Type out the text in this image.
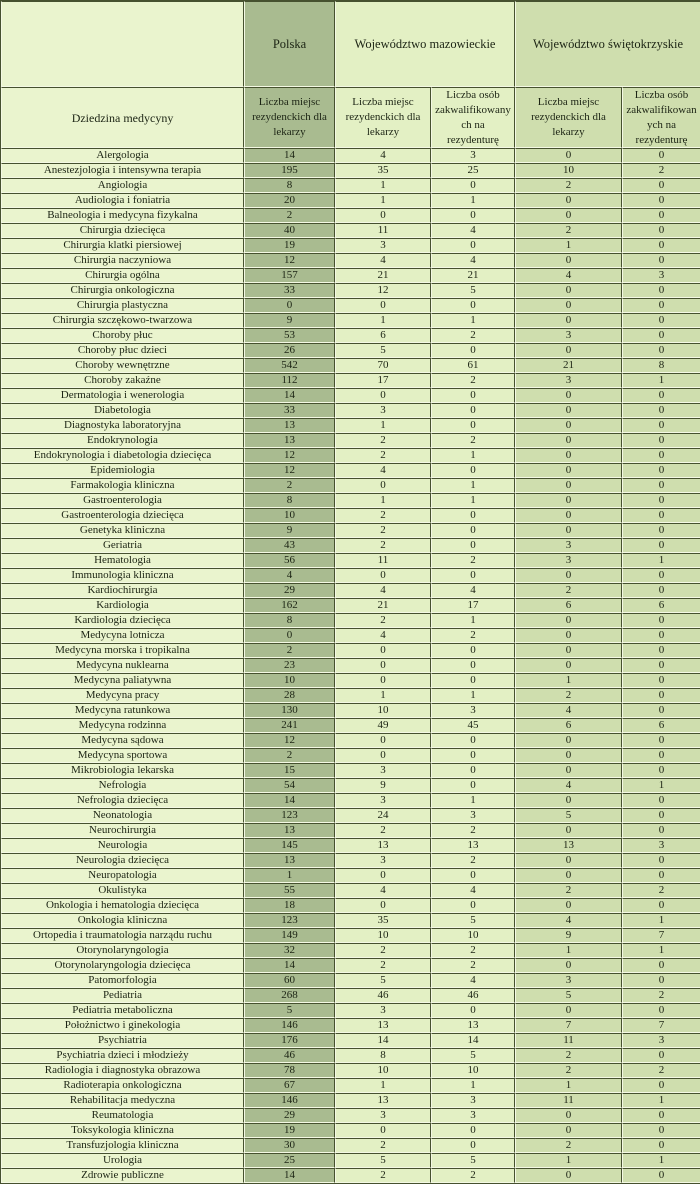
	Polska	Województwo mazowieckie		Województwo świętokrzyskie	
Dziedzina medycyny	Liczba miejsc rezydenckich dla lekarzy	Liczba miejsc rezydenckich dla lekarzy	Liczba osób zakwalifikowanych na rezydenturę	Liczba miejsc rezydenckich dla lekarzy	Liczba osób zakwalifikowanych na rezydenturę
Alergologia	14	4	3	0	0
Anestezjologia i intensywna terapia	195	35	25	10	2
Angiologia	8	1	0	2	0
Audiologia i foniatria	20	1	1	0	0
Balneologia i medycyna fizykalna	2	0	0	0	0
Chirurgia dziecięca	40	11	4	2	0
Chirurgia klatki piersiowej	19	3	0	1	0
Chirurgia naczyniowa	12	4	4	0	0
Chirurgia ogólna	157	21	21	4	3
Chirurgia onkologiczna	33	12	5	0	0
Chirurgia plastyczna	0	0	0	0	0
Chirurgia szczękowo-twarzowa	9	1	1	0	0
Choroby płuc	53	6	2	3	0
Choroby płuc dzieci	26	5	0	0	0
Choroby wewnętrzne	542	70	61	21	8
Choroby zakaźne	112	17	2	3	1
Dermatologia i wenerologia	14	0	0	0	0
Diabetologia	33	3	0	0	0
Diagnostyka laboratoryjna	13	1	0	0	0
Endokrynologia	13	2	2	0	0
Endokrynologia i diabetologia dziecięca	12	2	1	0	0
Epidemiologia	12	4	0	0	0
Farmakologia kliniczna	2	0	1	0	0
Gastroenterologia	8	1	1	0	0
Gastroenterologia dziecięca	10	2	0	0	0
Genetyka kliniczna	9	2	0	0	0
Geriatria	43	2	0	3	0
Hematologia	56	11	2	3	1
Immunologia kliniczna	4	0	0	0	0
Kardiochirurgia	29	4	4	2	0
Kardiologia	162	21	17	6	6
Kardiologia dziecięca	8	2	1	0	0
Medycyna lotnicza	0	4	2	0	0
Medycyna morska i tropikalna	2	0	0	0	0
Medycyna nuklearna	23	0	0	0	0
Medycyna paliatywna	10	0	0	1	0
Medycyna pracy	28	1	1	2	0
Medycyna ratunkowa	130	10	3	4	0
Medycyna rodzinna	241	49	45	6	6
Medycyna sądowa	12	0	0	0	0
Medycyna sportowa	2	0	0	0	0
Mikrobiologia lekarska	15	3	0	0	0
Nefrologia	54	9	0	4	1
Nefrologia dziecięca	14	3	1	0	0
Neonatologia	123	24	3	5	0
Neurochirurgia	13	2	2	0	0
Neurologia	145	13	13	13	3
Neurologia dziecięca	13	3	2	0	0
Neuropatologia	1	0	0	0	0
Okulistyka	55	4	4	2	2
Onkologia i hematologia dziecięca	18	0	0	0	0
Onkologia kliniczna	123	35	5	4	1
Ortopedia i traumatologia narządu ruchu	149	10	10	9	7
Otorynolaryngologia	32	2	2	1	1
Otorynolaryngologia dziecięca	14	2	2	0	0
Patomorfologia	60	5	4	3	0
Pediatria	268	46	46	5	2
Pediatria metaboliczna	5	3	0	0	0
Położnictwo i ginekologia	146	13	13	7	7
Psychiatria	176	14	14	11	3
Psychiatria dzieci i młodzieży	46	8	5	2	0
Radiologia i diagnostyka obrazowa	78	10	10	2	2
Radioterapia onkologiczna	67	1	1	1	0
Rehabilitacja medyczna	146	13	3	11	1
Reumatologia	29	3	3	0	0
Toksykologia kliniczna	19	0	0	0	0
Transfuzjologia kliniczna	30	2	0	2	0
Urologia	25	5	5	1	1
Zdrowie publiczne	14	2	2	0	0
